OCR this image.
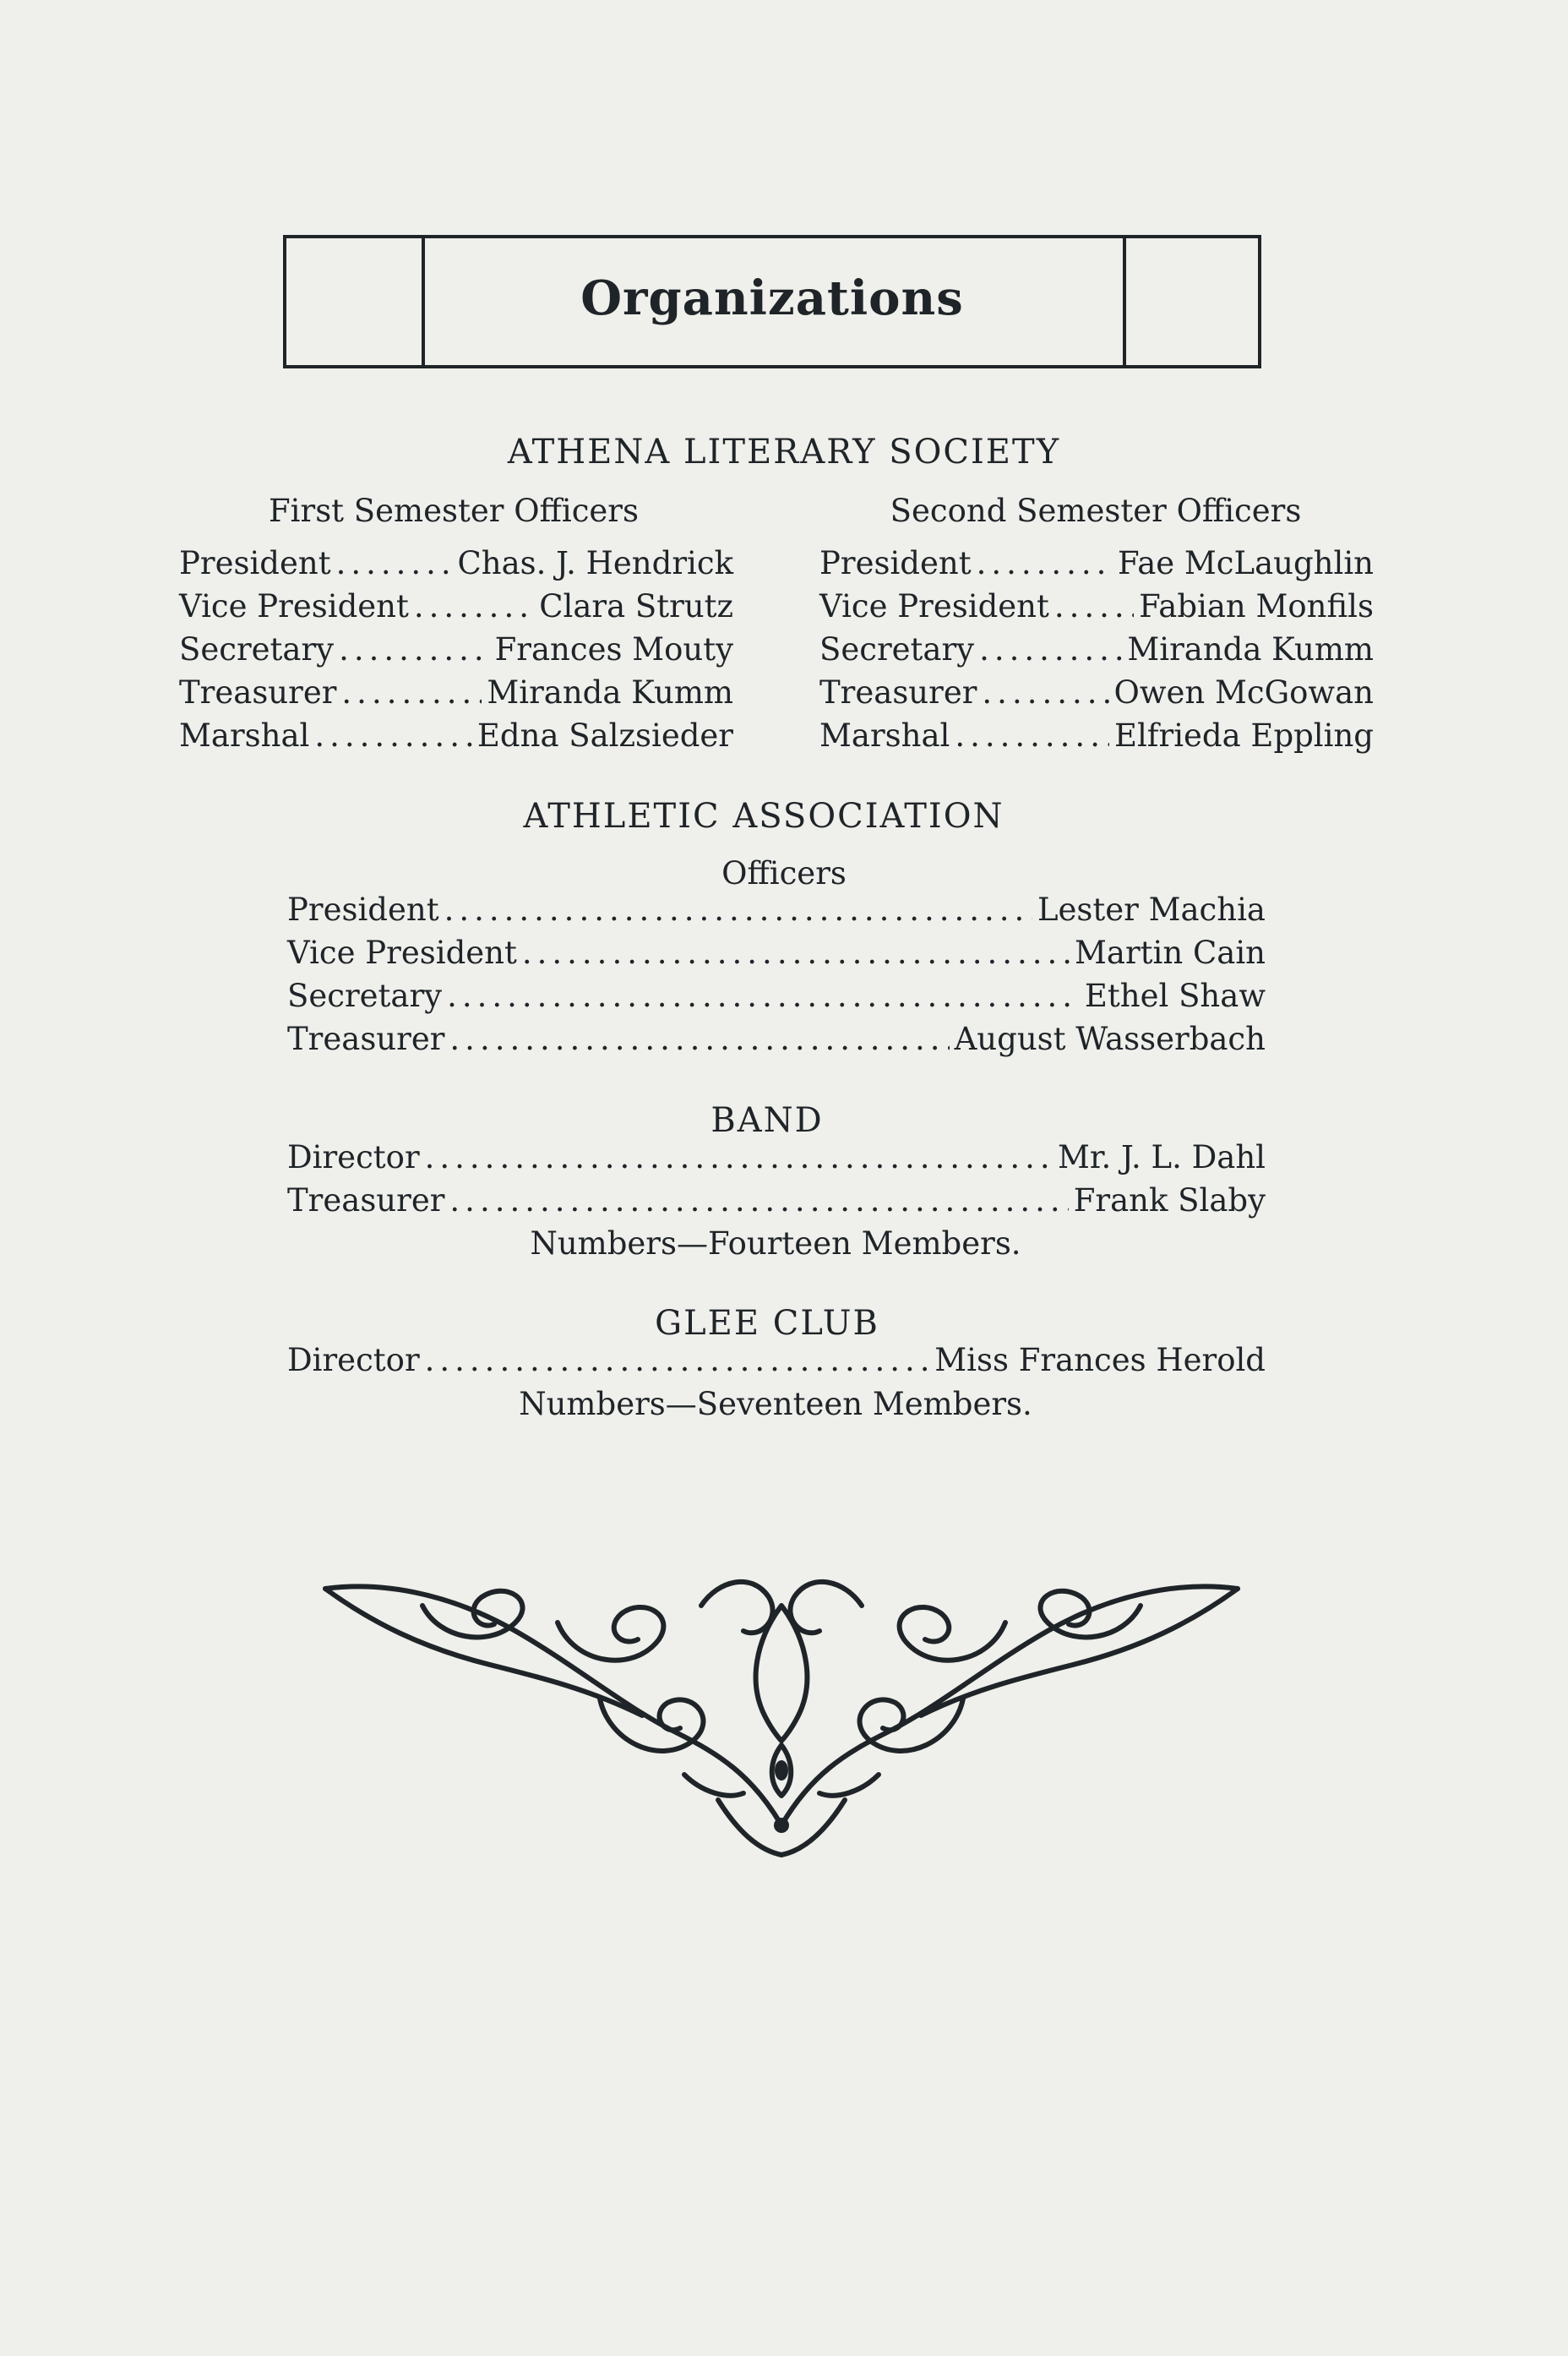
Organizations
ATHENA LITERARY SOCIETY
First Semester Officers	Second Semester Officers
President .....	Chas. J. Hendrick
Vice President .....	Clara Strutz
Secretary .....	Frances Mouty
Treasurer .....	Miranda Kumm
Marshal .....	Edna Salzsieder
President .....	Fae McLaughlin
Vice President .....	Fabian Monfils
Secretary .....	Miranda Kumm
Treasurer .....	Owen McGowan
Marshal .....	Elfrieda Eppling
ATHLETIC ASSOCIATION
Officers
President .....	Lester Machia
Vice President .....	Martin Cain
Secretary .....	Ethel Shaw
Treasurer .....	August Wasserbach
BAND
Director .....	Mr. J. L. Dahl
Treasurer .....	Frank Slaby
Numbers—Fourteen Members.
GLEE CLUB
Director .....	Miss Frances Herold
Numbers—Seventeen Members.
